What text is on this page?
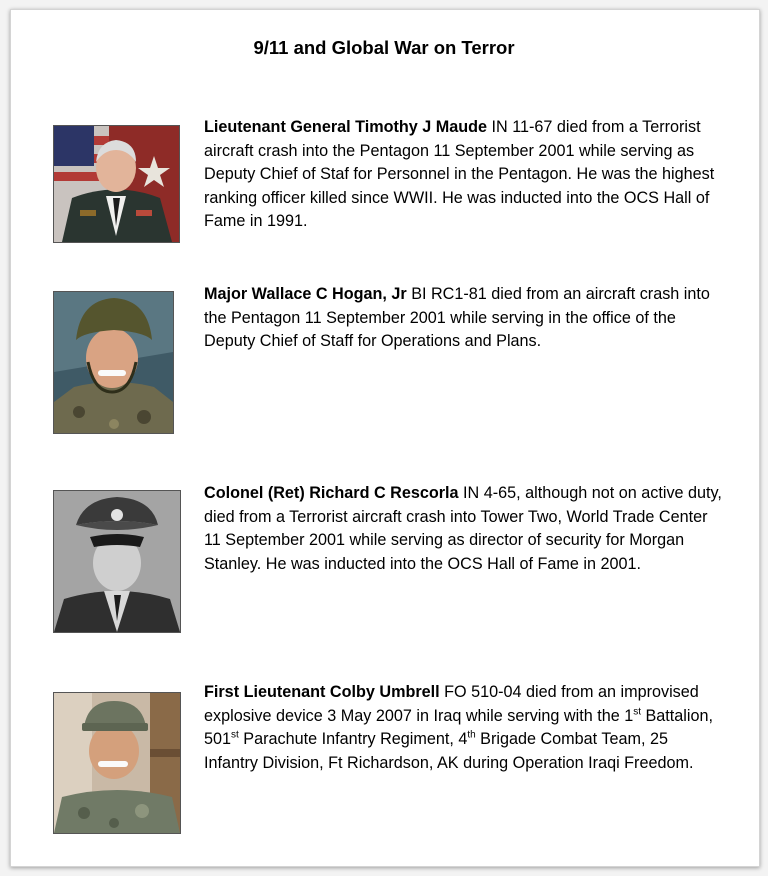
9/11 and Global War on Terror
Lieutenant General Timothy J Maude IN 11-67 died from a Terrorist aircraft crash into the Pentagon 11 September 2001 while serving as Deputy Chief of Staf for Personnel in the Pentagon. He was the highest ranking officer killed since WWII. He was inducted into the OCS Hall of Fame in 1991.
Major Wallace C Hogan, Jr BI RC1-81 died from an aircraft crash into the Pentagon 11 September 2001 while serving in the office of the Deputy Chief of Staff for Operations and Plans.
Colonel (Ret) Richard C Rescorla IN 4-65, although not on active duty, died from a Terrorist aircraft crash into Tower Two, World Trade Center 11 September 2001 while serving as director of security for Morgan Stanley. He was inducted into the OCS Hall of Fame in 2001.
First Lieutenant Colby Umbrell FO 510-04 died from an improvised explosive device 3 May 2007 in Iraq while serving with the 1st Battalion, 501st Parachute Infantry Regiment, 4th Brigade Combat Team, 25 Infantry Division, Ft Richardson, AK during Operation Iraqi Freedom.
